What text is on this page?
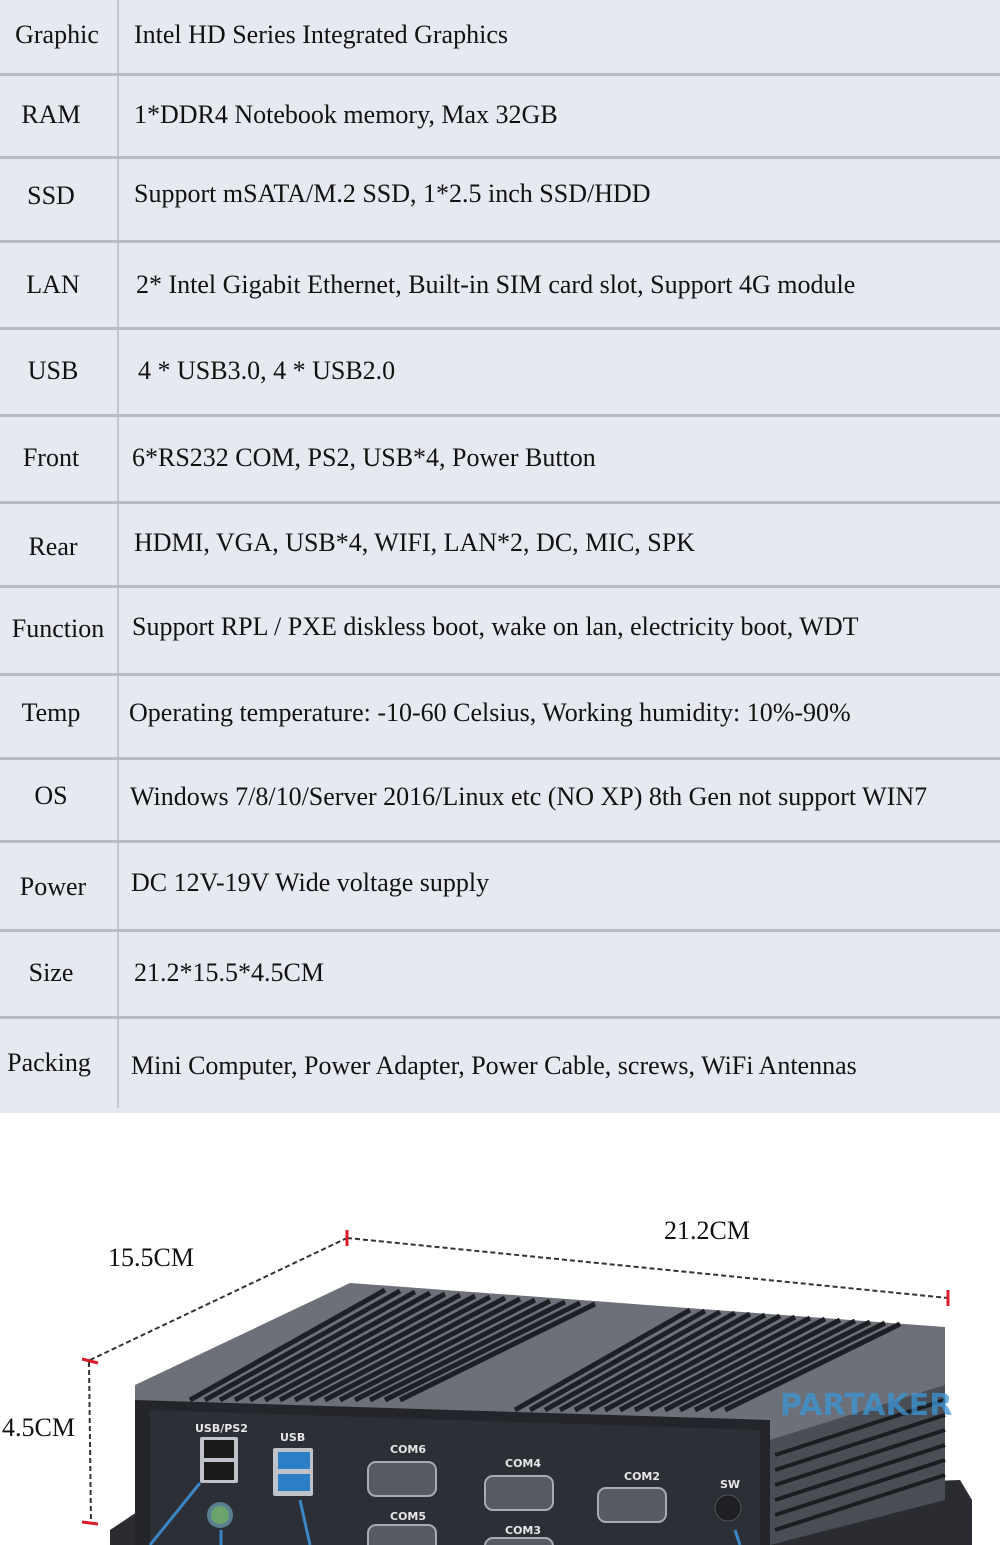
Graphic	Intel HD Series Integrated Graphics
RAM	1*DDR4 Notebook memory, Max 32GB
SSD	Support mSATA/M.2 SSD, 1*2.5 inch SSD/HDD
LAN	2* Intel Gigabit Ethernet, Built-in SIM card slot, Support 4G module
USB	4 * USB3.0, 4 * USB2.0
Front	6*RS232 COM, PS2, USB*4, Power Button
Rear	HDMI, VGA, USB*4, WIFI, LAN*2, DC, MIC, SPK
Function	Support RPL / PXE diskless boot, wake on lan, electricity boot, WDT
Temp	Operating temperature: -10-60 Celsius, Working humidity: 10%-90%
OS	Windows 7/8/10/Server 2016/Linux etc (NO XP) 8th Gen not support WIN7
Power	DC 12V-19V Wide voltage supply
Size	21.2*15.5*4.5CM
Packing	Mini Computer, Power Adapter, Power Cable, screws, WiFi Antennas
USB/PS2
USB
COM6
COM4
COM2
COM5
COM3
SW
PARTAKER
15.5CM
21.2CM
4.5CM
